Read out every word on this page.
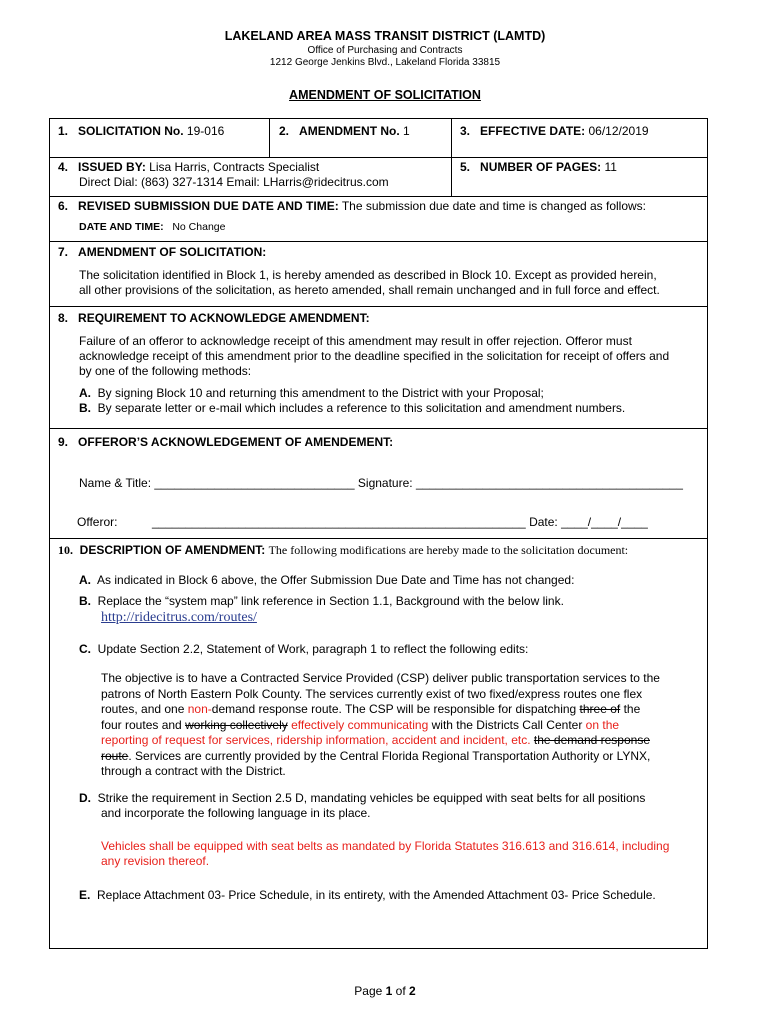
LAKELAND AREA MASS TRANSIT DISTRICT (LAMTD)
Office of Purchasing and Contracts
1212 George Jenkins Blvd., Lakeland Florida 33815
AMENDMENT OF SOLICITATION
1. SOLICITATION No. 19-016	2. AMENDMENT No. 1	3. EFFECTIVE DATE: 06/12/2019
4. ISSUED BY: Lisa Harris, Contracts Specialist
Direct Dial: (863) 327-1314 Email: LHarris@ridecitrus.com
5. NUMBER OF PAGES: 11
6. REVISED SUBMISSION DUE DATE AND TIME: The submission due date and time is changed as follows:
DATE AND TIME: No Change
7. AMENDMENT OF SOLICITATION:
The solicitation identified in Block 1, is hereby amended as described in Block 10. Except as provided herein,
all other provisions of the solicitation, as hereto amended, shall remain unchanged and in full force and effect.
8. REQUIREMENT TO ACKNOWLEDGE AMENDMENT:
Failure of an offeror to acknowledge receipt of this amendment may result in offer rejection. Offeror must
acknowledge receipt of this amendment prior to the deadline specified in the solicitation for receipt of offers and
by one of the following methods:
A. By signing Block 10 and returning this amendment to the District with your Proposal;
B. By separate letter or e-mail which includes a reference to this solicitation and amendment numbers.
9. OFFEROR’S ACKNOWLEDGEMENT OF AMENDEMENT:
Name & Title: ______________________________ Signature: ________________________________________
Offeror:	________________________________________________________ Date: ____/____/____
10. DESCRIPTION OF AMENDMENT: The following modifications are hereby made to the solicitation document:
A. As indicated in Block 6 above, the Offer Submission Due Date and Time has not changed:
B. Replace the “system map” link reference in Section 1.1, Background with the below link.
http://ridecitrus.com/routes/
C. Update Section 2.2, Statement of Work, paragraph 1 to reflect the following edits:
The objective is to have a Contracted Service Provided (CSP) deliver public transportation services to the
patrons of North Eastern Polk County. The services currently exist of two fixed/express routes one flex
routes, and one non-demand response route. The CSP will be responsible for dispatching three of the
four routes and working collectively effectively communicating with the Districts Call Center on the
reporting of request for services, ridership information, accident and incident, etc. the demand response
route. Services are currently provided by the Central Florida Regional Transportation Authority or LYNX,
through a contract with the District.
D. Strike the requirement in Section 2.5 D, mandating vehicles be equipped with seat belts for all positions
and incorporate the following language in its place.
Vehicles shall be equipped with seat belts as mandated by Florida Statutes 316.613 and 316.614, including
any revision thereof.
E. Replace Attachment 03- Price Schedule, in its entirety, with the Amended Attachment 03- Price Schedule.
Page 1 of 2
